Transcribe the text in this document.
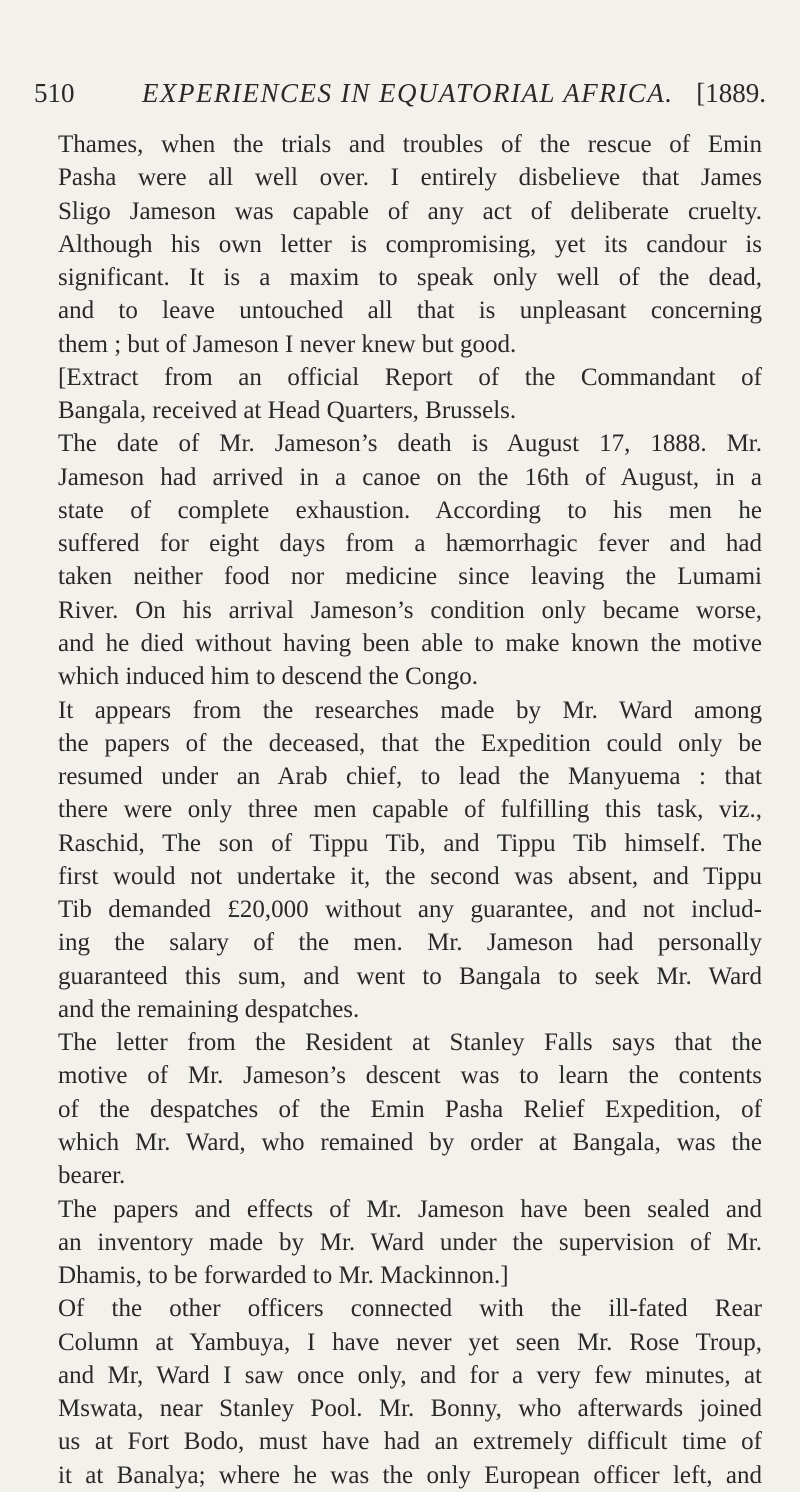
510	EXPERIENCES IN EQUATORIAL AFRICA. [1889.
Thames, when the trials and troubles of the rescue of Emin
Pasha were all well over. I entirely disbelieve that James
Sligo Jameson was capable of any act of deliberate cruelty.
Although his own letter is compromising, yet its candour is
significant. It is a maxim to speak only well of the dead,
and to leave untouched all that is unpleasant concerning
them ; but of Jameson I never knew but good.
[Extract from an official Report of the Commandant of
Bangala, received at Head Quarters, Brussels.
The date of Mr. Jameson’s death is August 17, 1888. Mr.
Jameson had arrived in a canoe on the 16th of August, in a
state of complete exhaustion. According to his men he
suffered for eight days from a hæmorrhagic fever and had
taken neither food nor medicine since leaving the Lumami
River. On his arrival Jameson’s condition only became worse,
and he died without having been able to make known the motive
which induced him to descend the Congo.
It appears from the researches made by Mr. Ward among
the papers of the deceased, that the Expedition could only be
resumed under an Arab chief, to lead the Manyuema : that
there were only three men capable of fulfilling this task, viz.,
Raschid, The son of Tippu Tib, and Tippu Tib himself. The
first would not undertake it, the second was absent, and Tippu
Tib demanded £20,000 without any guarantee, and not includ-
ing the salary of the men. Mr. Jameson had personally
guaranteed this sum, and went to Bangala to seek Mr. Ward
and the remaining despatches.
The letter from the Resident at Stanley Falls says that the
motive of Mr. Jameson’s descent was to learn the contents
of the despatches of the Emin Pasha Relief Expedition, of
which Mr. Ward, who remained by order at Bangala, was the
bearer.
The papers and effects of Mr. Jameson have been sealed and
an inventory made by Mr. Ward under the supervision of Mr.
Dhamis, to be forwarded to Mr. Mackinnon.]
Of the other officers connected with the ill-fated Rear
Column at Yambuya, I have never yet seen Mr. Rose Troup,
and Mr, Ward I saw once only, and for a very few minutes, at
Mswata, near Stanley Pool. Mr. Bonny, who afterwards joined
us at Fort Bodo, must have had an extremely difficult time of
it at Banalya; where he was the only European officer left, and
